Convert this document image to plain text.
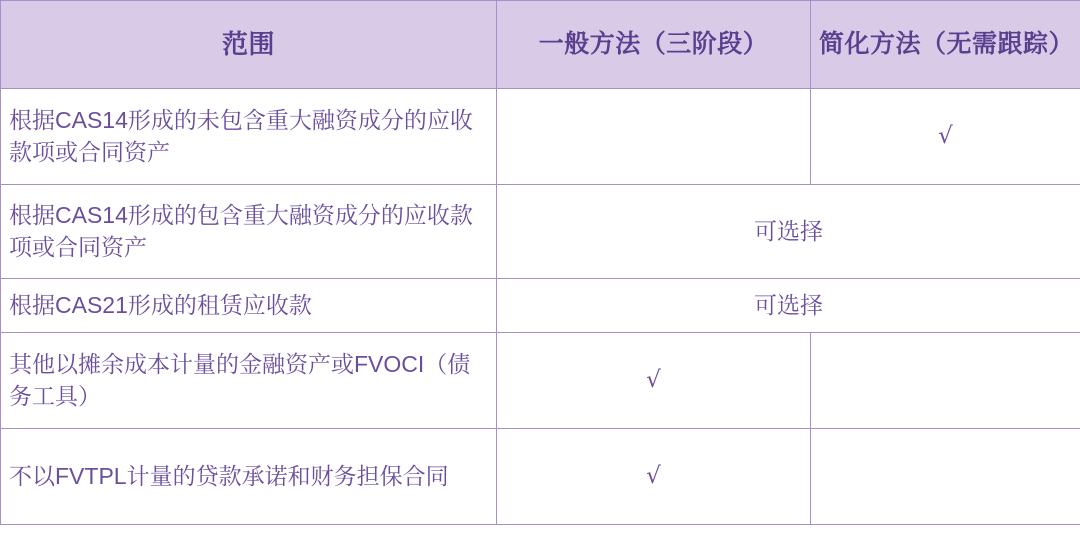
范围	一般方法（三阶段）	简化方法（无需跟踪）
根据CAS14形成的未包含重大融资成分的应收款项或合同资产		√
根据CAS14形成的包含重大融资成分的应收款项或合同资产	可选择	
根据CAS21形成的租赁应收款	可选择	
其他以摊余成本计量的金融资产或FVOCI（债务工具）	√	
不以FVTPL计量的贷款承诺和财务担保合同	√	
